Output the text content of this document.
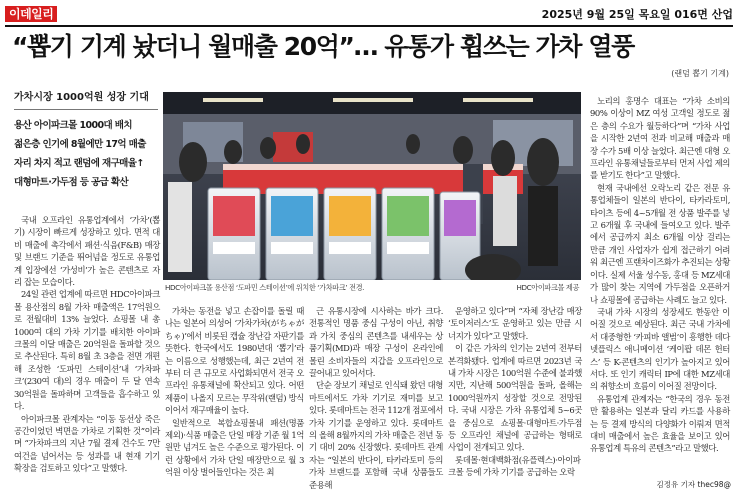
이데일리	2025년 9월 25일 목요일 016면 산업
“뽑기 기계 놨더니 월매출 20억”… 유통가 휩쓰는 가차 열풍
(랜덤 뽑기 기계)
가차시장 1000억원 성장 기대
용산 아이파크몰 1000대 배치
젊은층 인기에 8월에만 17억 매출
자리 차지 적고 랜덤에 재구매율↑
대형마트·가두점 등 공급 확산

국내 오프라인 유통업계에서 ‘가차’(뽑기) 시장이 빠르게 성장하고 있다. 면적 대비 매출에 촉각에서 패션·식음(F&B) 매장 및 브랜드 기준을 뛰어넘을 정도로 유통업계 입장에선 ‘가성비’가 높은 콘텐츠로 자리 잡는 모습이다.

24일 관련 업계에 따르면 HDC아이파크몰 용산점의 8월 가차 매출액은 17억원으로 전월대비 13% 늘었다. 쇼핑몰 내 총 1000여 대의 가차 기기를 배치한 아이파크몰의 이달 매출은 20억원을 돌파할 것으로 추산된다. 특히 8월 초 3층을 전면 개편해 조성한 ‘도파민 스테이션’내 ‘가차파크’(230여 대)의 경우 매출이 두 달 연속 30억원을 돌파하며 고객들을 흡수하고 있다.

아이파크몰 관계자는 “이동 동선상 죽은 공간이었던 벽면을 가차로 기획한 것”이라며 “가차파크의 지난 7월 결제 건수도 7만여건을 넘어서는 등 성과를 내 현재 기기 확장을 검토하고 있다”고 말했다.

HDC아이파크몰 용산점 ‘도파민 스테이션’에 위치한 ‘가차파크’ 전경.	HDC아이파크몰 제공

가차는 동전을 넣고 손잡이를 돌릴 때 나는 일본어 의성어 ‘가차가차(がちゃがちゃ)’에서 비롯된 캡슐 장난감 자판기를 뜻한다. 한국에서도 1980년대 ‘뽑기’라는 이름으로 성행했는데, 최근 2년여 전부터 더 큰 규모로 사업화되면서 전국 오프라인 유통채널에 확산되고 있다. 어떤 제품이 나올지 모르는 무작위(랜덤) 방식이어서 재구매율이 높다.

일반적으로 복합쇼핑몰내 패션(명품 제외)·식품 매출은 단일 매장 기준 월 1억원만 넘겨도 높은 수준으로 평가된다. 이런 상황에서 가차 단일 매장만으로 월 3억원 이상 벌어들인다는 것은 최

근 유통시장에 시사하는 바가 크다. 전통적인 명품 중심 구성이 아닌, 취향과 가치 중심의 콘텐츠를 내세우는 상품기획(MD)과 매장 구성이 온라인에 몰린 소비자들의 지갑을 오프라인으로 끌어내고 있어서다.

단순 장보기 채널로 인식돼 왔던 대형마트에서도 가차 기기로 재미를 보고 있다. 롯데마트는 전국 112개 점포에서 가차 기기를 운영하고 있다. 롯데마트의 올해 8월까지의 가차 매출은 전년 동기 대비 20% 신장했다. 롯데마트 관계자는 “일본의 반다이, 타카라토미 등의 가차 브랜드를 포함해 국내 상품들도 준용해

운영하고 있다”며 “자체 장난감 매장 ‘토이저러스’도 운영하고 있는 만큼 시너지가 있다”고 말했다.

이 같은 가차의 인기는 2년여 전부터 본격화됐다. 업계에 따르면 2023년 국내 가차 시장은 100억원 수준에 불과했지만, 지난해 500억원을 돌파, 올해는 1000억원까지 성장할 것으로 전망된다. 국내 시장은 가차 유통업체 5~6곳을 중심으로 쇼핑몰·대형마트·가두점 등 오프라인 채널에 공급하는 형태로 사업이 전개되고 있다.

롯데몰·현대백화점(유플렉스)·아이파크몰 등에 가차 기기를 공급하는 오락

노리의 홍명수 대표는 “가차 소비의 90% 이상이 MZ 여성 고객일 정도로 젊은 층의 수요가 월등하다”며 “가차 사업을 시작한 2년여 전과 비교해 매출과 매장 수가 5배 이상 늘었다. 최근엔 대형 오프라인 유통채널들로부터 먼저 사업 제의를 받기도 한다”고 말했다.

현재 국내에선 오락노리 같은 전문 유통업체들이 일본의 반다이, 타카라토미, 타이츠 등에 4~5개월 전 상품 발주를 넣고 6개월 후 국내에 들여오고 있다. 발주에서 공급까지 최소 6개월 이상 걸리는 만큼 개인 사업자가 쉽게 접근하기 어려워 최근엔 프랜차이즈화가 추진되는 상황이다. 실제 서울 성수동, 홍대 등 MZ세대가 많이 찾는 지역에 가두점을 오픈하거나 쇼핑몰에 공급하는 사례도 늘고 있다.

국내 가차 시장의 성장세도 한동안 이어질 것으로 예상된다. 최근 국내 가차에서 대중형한 ‘카피바 앨범’이 흥행한 데다 넷플릭스 애니메이션 ‘케이팝 데몬 헌터스’ 등 K-콘텐츠의 인기가 높아지고 있어서다. 또 인기 캐릭터 IP에 대한 MZ세대의 취향소비 흐름이 이어질 전망이다.

유통업계 관계자는 “한국의 경우 동전만 활용하는 일본과 달리 카드를 사용하는 등 결제 방식의 다양화가 이뤄져 면적대비 매출에서 높은 효율을 보이고 있어 유통업계 특유의 콘텐츠”라고 말했다.

김정유 기자 thec98@
